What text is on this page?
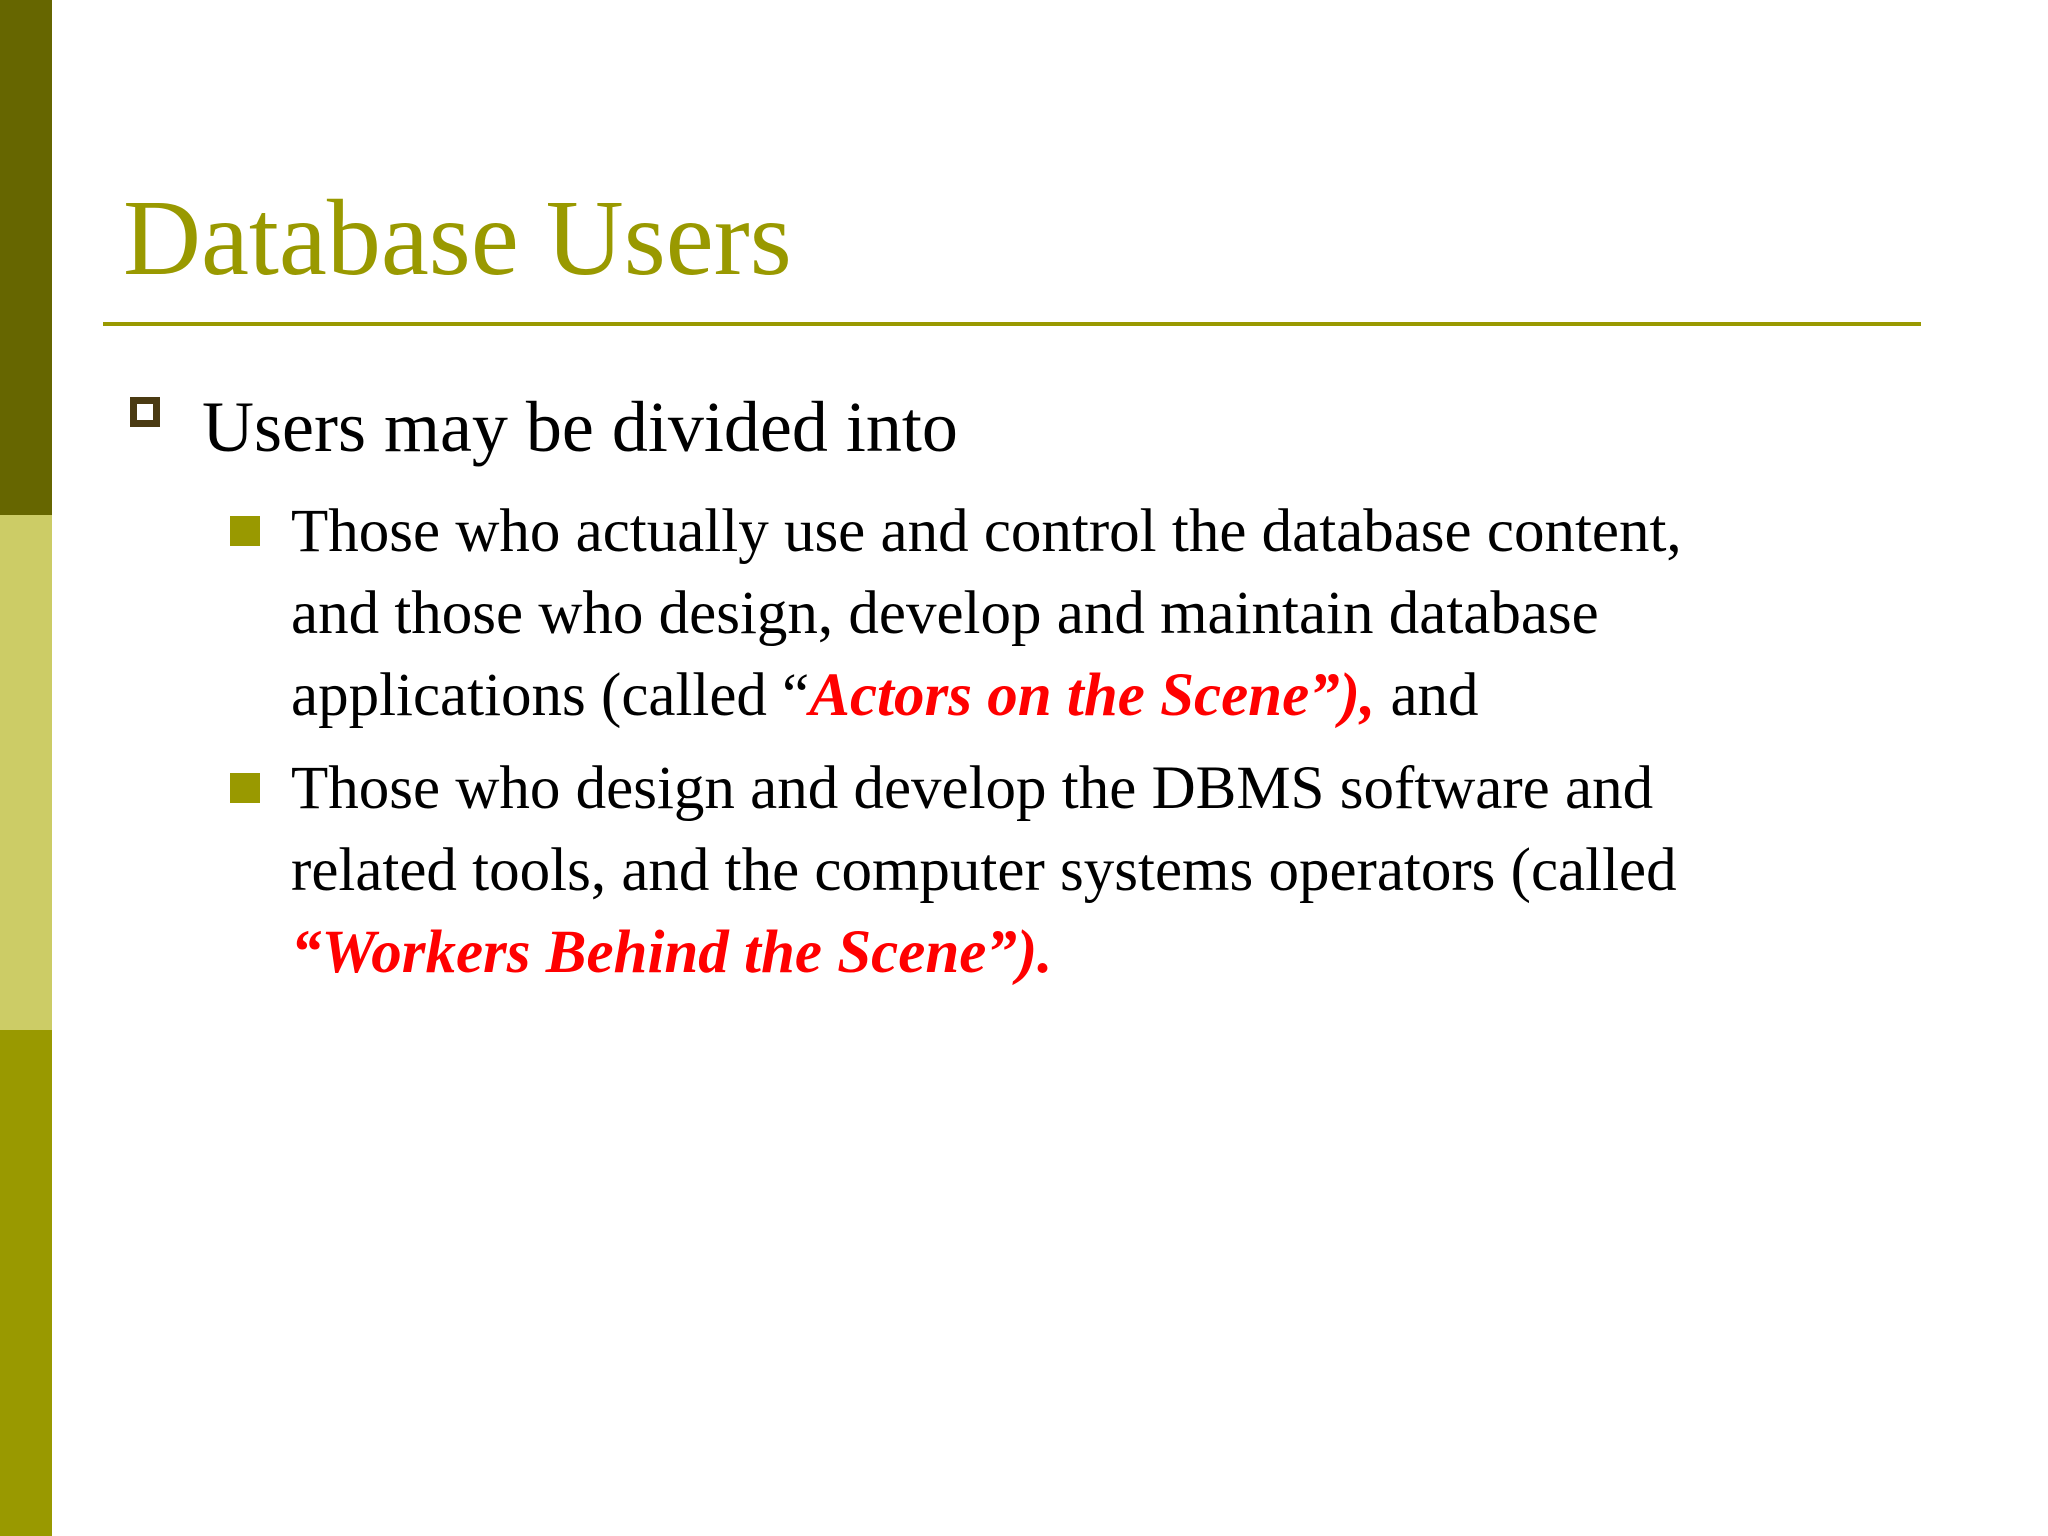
Database Users
Users may be divided into
Those who actually use and control the database content,
and those who design, develop and maintain database
applications (called “Actors on the Scene”), and
Those who design and develop the DBMS software and
related tools, and the computer systems operators (called
“Workers Behind the Scene”).
